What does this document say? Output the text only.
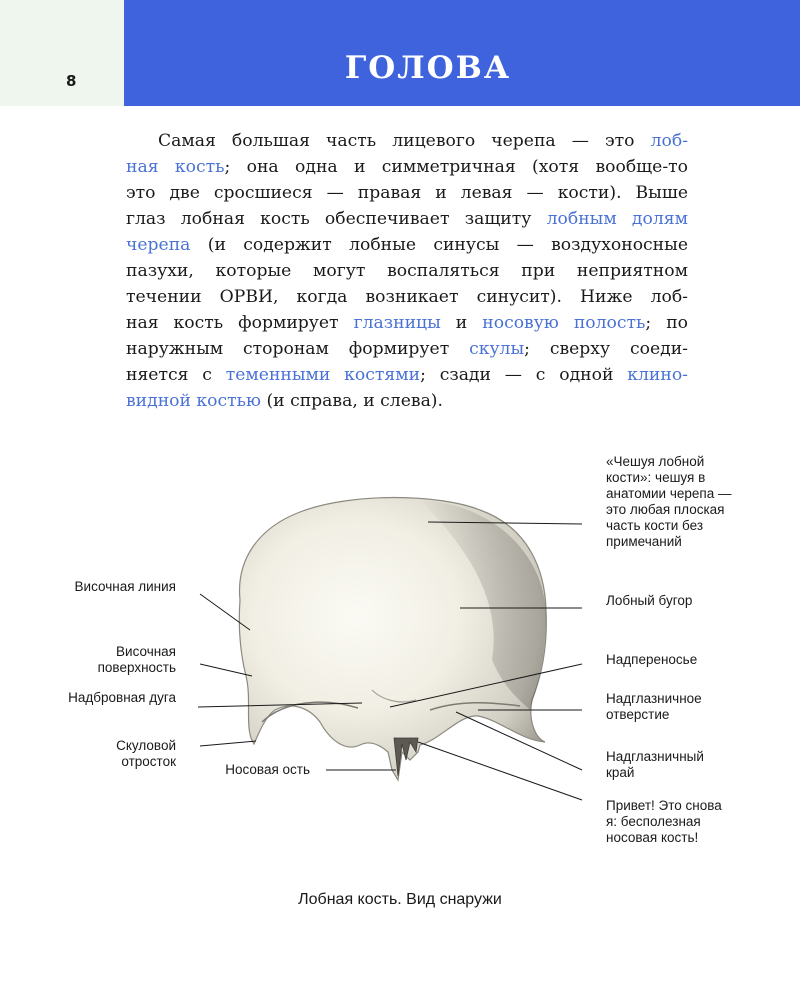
8	ГОЛОВА
Самая большая часть лицевого черепа — это лоб-
ная кость; она одна и симметричная (хотя вообще-то
это две сросшиеся — правая и левая — кости). Выше
глаз лобная кость обеспечивает защиту лобным долям
черепа (и содержит лобные синусы — воздухоносные
пазухи, которые могут воспаляться при неприятном
течении ОРВИ, когда возникает синусит). Ниже лоб-
ная кость формирует глазницы и носовую полость; по
наружным сторонам формирует скулы; сверху соеди-
няется с теменными костями; сзади — с одной клино-
видной костью (и справа, и слева).
Височная линия
Височная поверхность
Надбровная дуга
Скуловой отросток
Носовая ость
«Чешуя лобной кости»: чешуя в анатомии черепа — это любая плоская часть кости без примечаний
Лобный бугор
Надпереносье
Надглазничное отверстие
Надглазничный край
Привет! Это снова я: бесполезная носовая кость!
Лобная кость. Вид снаружи
